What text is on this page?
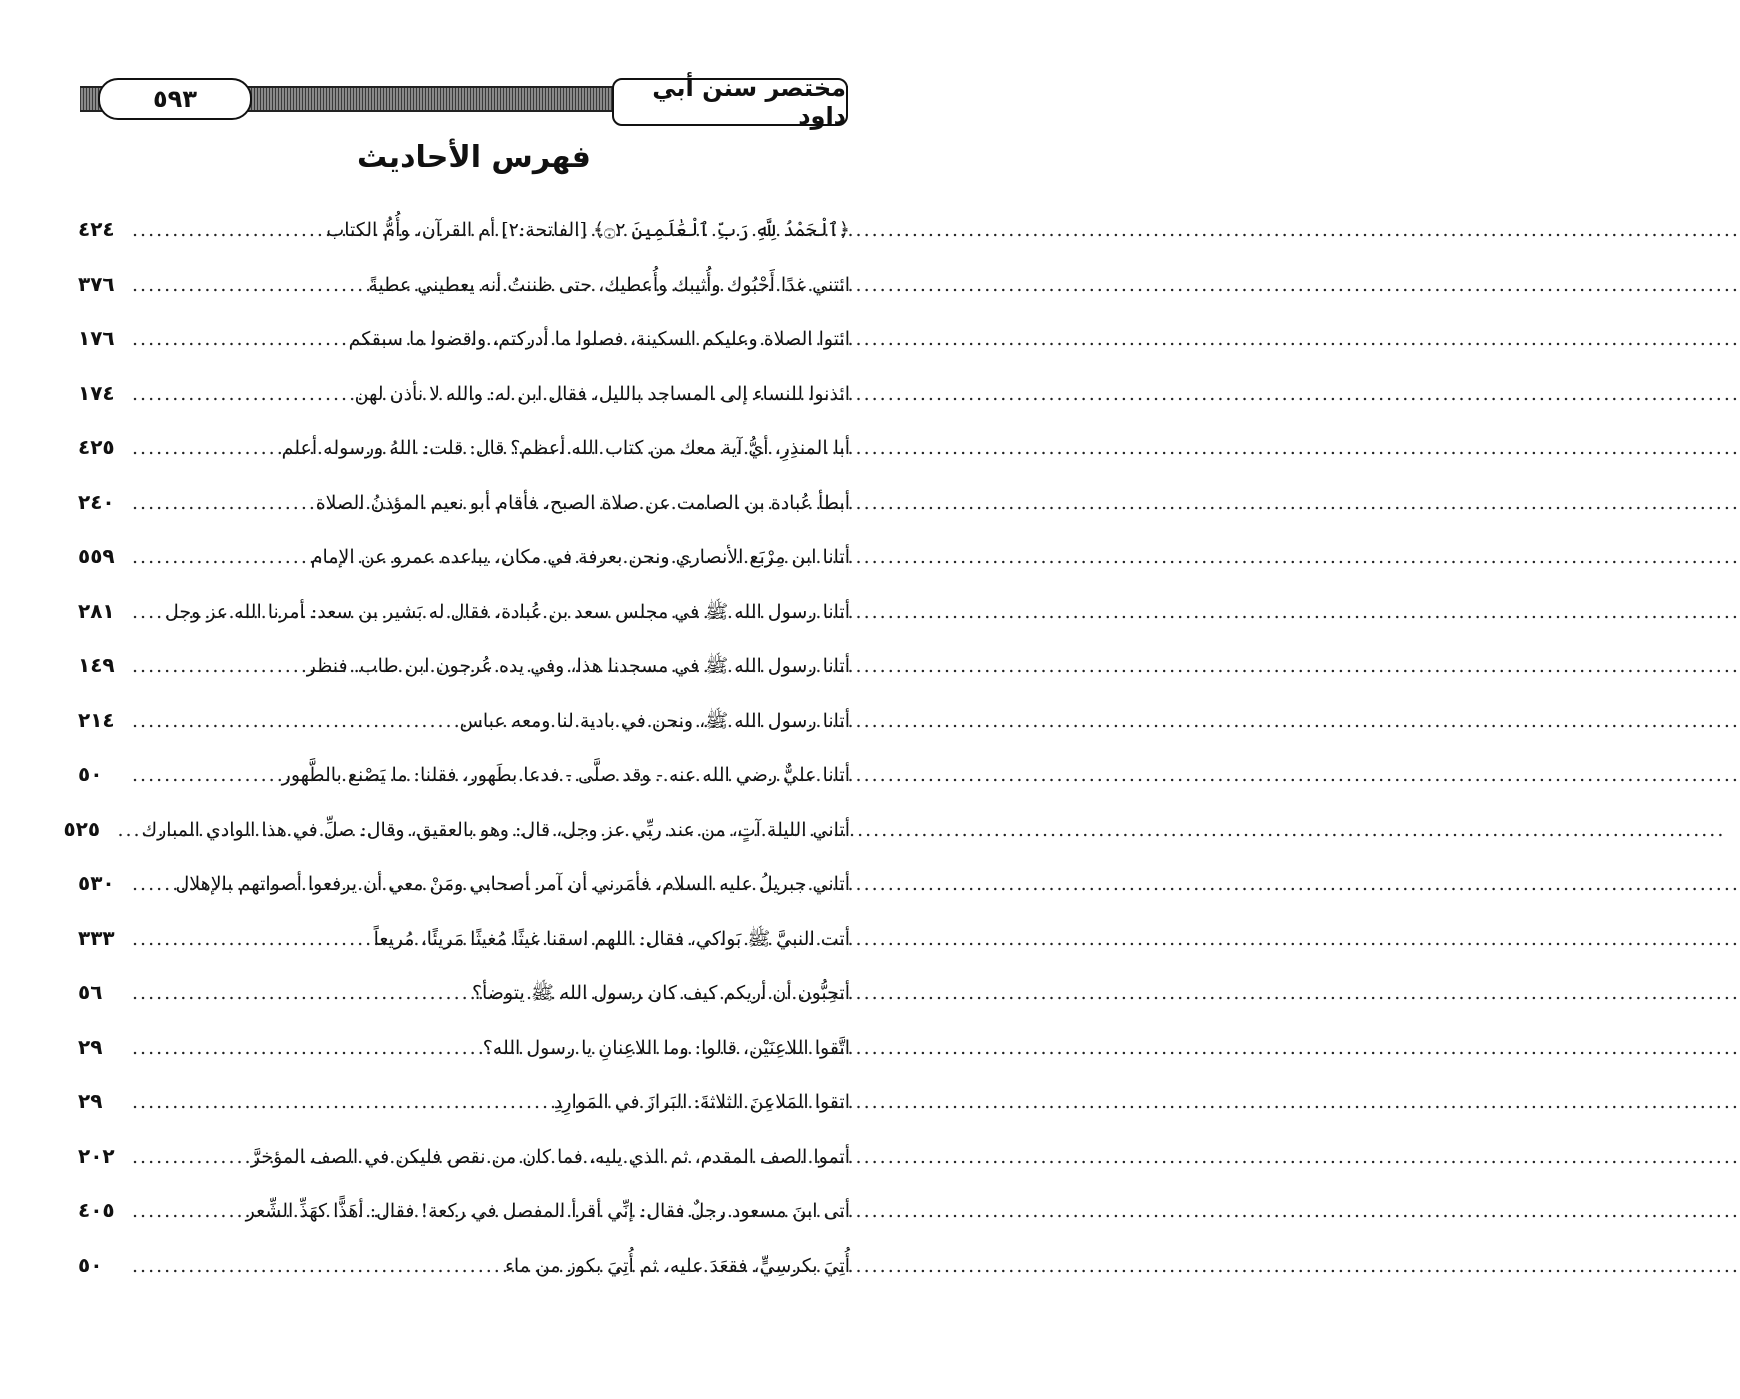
٥٩٣	مختصر سنن أبي داود
فهرس الأحاديث
﴿ٱلْحَمْدُ لِلَّهِ رَبِّ ٱلْعَٰلَمِينَ ۝٢﴾ [الفاتحة:٢] أم القرآن، وأُمُّ الكتاب
.....
٤٢٤
ائتني غدًا أَحْبُوك وأُثيبك وأُعطيك، حتى ظننتُ أنه يعطيني عطيةً
.....
٣٧٦
ائتوا الصلاة وعليكم السكينة، فصلوا ما أدركتم، واقضوا ما سبقكم
.....
١٧٦
ائذنوا للنساء إلى المساجد بالليل، فقال ابن له: والله لا نأذن لهن
.....
١٧٤
أبا المنذِرِ، أيُّ آية معك من كتاب الله أعظم؟ قال: قلت: اللهُ ورسوله أعلم
.....
٤٢٥
أبطأ عُبادة بن الصامت عن صلاة الصبح، فأقام أبو نعيم المؤذنُ الصلاة
.....
٢٤٠
أتانا ابن مِرْبَع الأنصاري ونحن بعرفة في مكان، يباعده عمرو عن الإمام
.....
٥٥٩
أتانا رسول الله ﷺ في مجلس سعد بن عُبادة، فقال له بَشير بن سعد: أمرنا الله عز وجل
.....
٢٨١
أتانا رسول الله ﷺ في مسجدنا هذا، وفي يده عُرجون ابن طاب. فنظر
.....
١٤٩
أتانا رسول الله ﷺ، ونحن في بادية لنا ومعه عباس
.....
٢١٤
أتانا عليٌّ رضي الله عنه - وقد صلَّى - فدعا بطَهور، فقلنا: ما يَصْنع بالطَّهور
.....
٥٠
أتاني الليلة آتٍ، من عند ربِّي عز وجل، قال: وهو بالعقيق، وقال: صلِّ في هذا الوادي المبارك
.....
٥٢٥
أتاني جبريلُ عليه السلام، فأمَرني أن آمر أصحابي ومَنْ معي أن يرفعوا أصواتهم بالإهلال
.....
٥٣٠
أتت النبيَّ ﷺ بَواكي، فقال: اللهم اسقنا غيثًا مُغيثًا مَريئًا، مُريعاً
.....
٣٣٣
أتحِبُّون أن أريكم كيف كان رسول الله ﷺ يتوضأ؟
.....
٥٦
اتَّقوا اللاعِنَيْن، قالوا: وما اللاعِنانِ يا رسول الله؟
.....
٢٩
اتقوا المَلاعِنَ الثلاثةَ: البَرازَ في المَوارِدِ
.....
٢٩
أتموا الصف المقدم، ثم الذي يليه، فما كان من نقص فليكن في الصف المؤخرَّ
.....
٢٠٢
أتى ابنَ مسعود رجلٌ فقال: إنِّي أقرأ المفصل في ركعة! فقال: أهَذًّا كهَذِّ الشِّعر
.....
٤٠٥
أُتِيَ بكرسِيٍّ، فقعَدَ عليه، ثم أُتِيَ بكوز من ماء
.....
٥٠
